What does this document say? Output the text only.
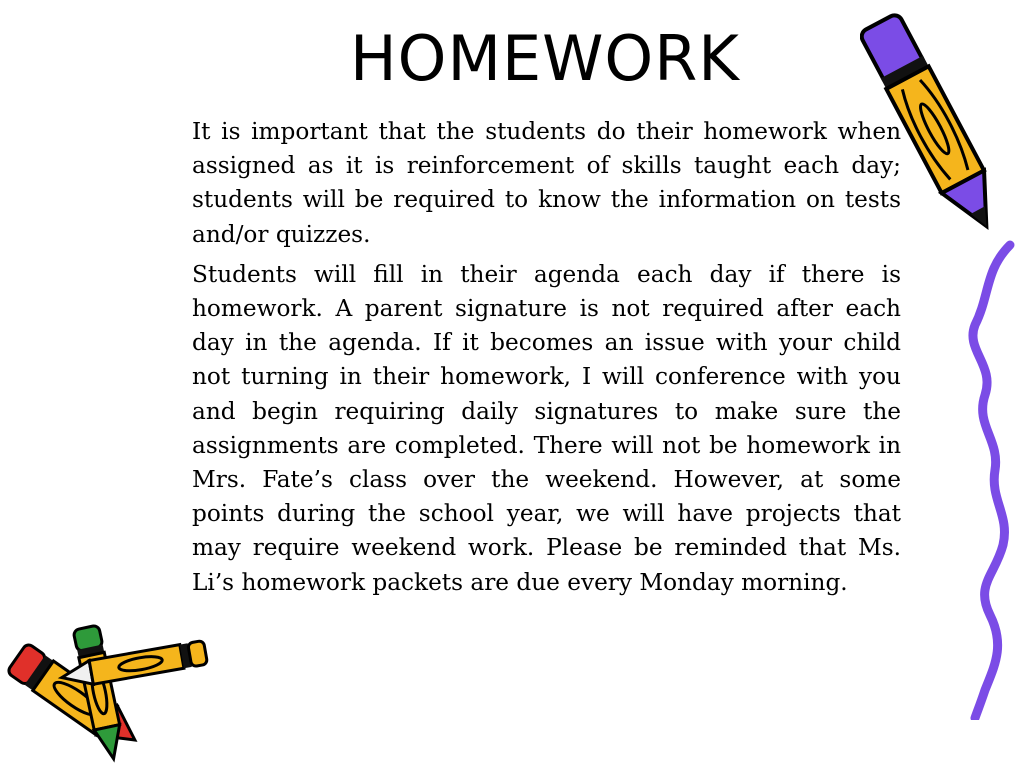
HOMEWORK

It is important that the students do their homework when assigned as it is reinforcement of skills taught each day; students will be required to know the information on tests and/or quizzes.

Students will fill in their agenda each day if there is homework. A parent signature is not required after each day in the agenda. If it becomes an issue with your child not turning in their homework, I will conference with you and begin requiring daily signatures to make sure the assignments are completed. There will not be homework in Mrs. Fate’s class over the weekend. However, at some points during the school year, we will have projects that may require weekend work. Please be reminded that Ms. Li’s homework packets are due every Monday morning.
